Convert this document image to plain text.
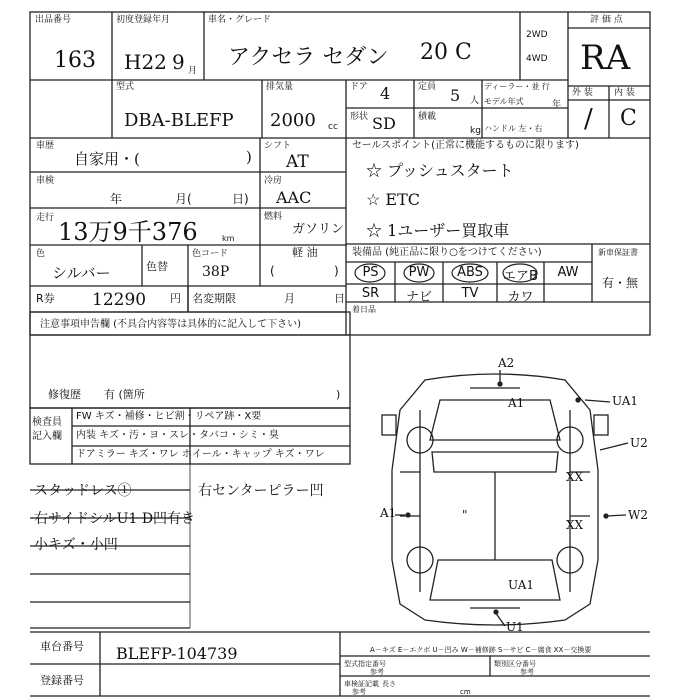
出品番号
163
初度登録年月
H22 9 月
車名・グレード
アクセラ セダン 20 C
2WD
4WD
評 価 点
RA
外 装 内 装
/ C
型式
DBA-BLEFP
排気量
2000 cc
ドア 4	定員 5 人
形状 SD 積載
kg
ディーラー・並 行
モデル年式	年
ハンドル 左・右
車歴
自家用・(	)
シフト
AT
車検
年	月(	日)
冷房
AAC
走行 13万9千376	km
燃料
ガソリン
軽 油
(	)
色
シルバー	色替
色コード
38P
R券 12290 円 名変期限	月	日
セールスポイント(正常に機能するものに限ります)
☆ プッシュスタート
☆ ETC
☆ 1ユーザー買取車
装備品 (純正品に限り○をつけてください)	新車保証書
有・無
PS	PW	ABS	エアB	AW
SR	ナビ	TV	カワ
着日品
注意事項申告欄 (不具合内容等は具体的に記入して下さい)
修復歴 有 (箇所	)
検査員記入欄
FW キズ・補修・ヒビ割・リペア跡・X要
内装 キズ・汚・ヨ・スレ・タバコ・シミ・臭
ドアミラー キズ・ワレ ホイール・キャップ キズ・ワレ
スタッドレス①
右サイドシルU1 D凹有き
小キズ・小凹
右センターピラー凹
A2
A1	UA1
U2
XX
XX
A1	"	W2
UA1
U1
A－キズ E－エクボ U－凹み W－補修跡 S－サビ C－腐食 XX－交換要
車台番号 BLEFP-104739
登録番号
型式指定番号
参考
類別区分番号
参考
車検証記載
参考
長さ
cm
